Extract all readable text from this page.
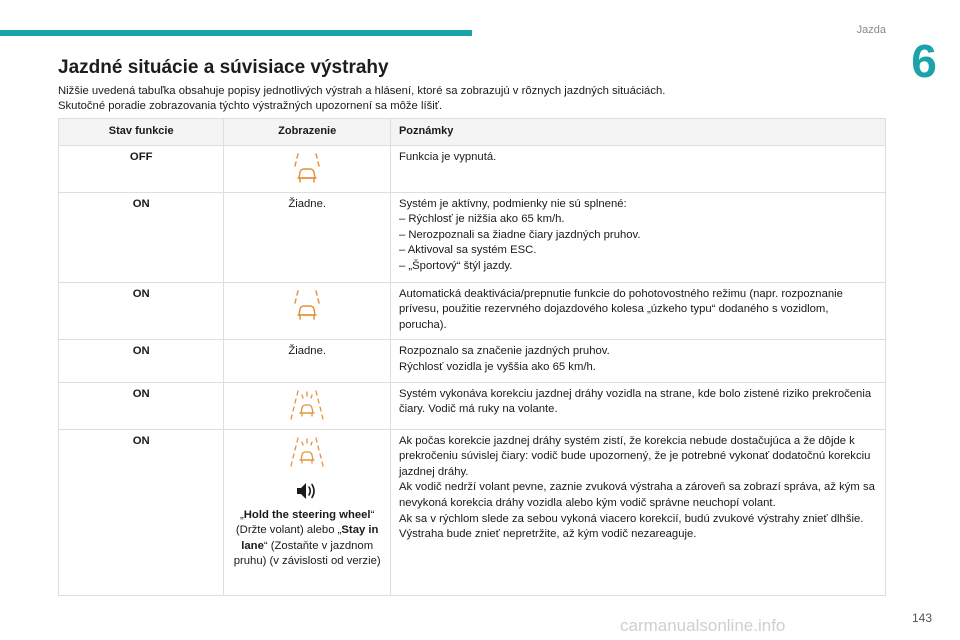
Jazda
6
Jazdné situácie a súvisiace výstrahy

Nižšie uvedená tabuľka obsahuje popisy jednotlivých výstrah a hlásení, ktoré sa zobrazujú v rôznych jazdných situáciách.

Skutočné poradie zobrazovania týchto výstražných upozornení sa môže líšiť.

Stav funkcie	Zobrazenie	Poznámky
OFF		Funkcia je vypnutá.

ON	Žiadne.	Systém je aktívny, podmienky nie sú splnené:
– Rýchlosť je nižšia ako 65 km/h.
– Nerozpoznali sa žiadne čiary jazdných pruhov.
– Aktivoval sa systém ESC.
– „Športový“ štýl jazdy.

ON		Automatická deaktivácia/prepnutie funkcie do pohotovostného režimu (napr. rozpoznanie prívesu, použitie rezervného dojazdového kolesa „úzkeho typu“ dodaného s vozidlom, porucha).

ON	Žiadne.	Rozpoznalo sa značenie jazdných pruhov.
Rýchlosť vozidla je vyššia ako 65 km/h.

ON		Systém vykonáva korekciu jazdnej dráhy vozidla na strane, kde bolo zistené riziko prekročenia čiary. Vodič má ruky na volante.

ON	„Hold the steering wheel“ (Držte volant) alebo „Stay in lane“ (Zostaňte v jazdnom pruhu) (v závislosti od verzie)	Ak počas korekcie jazdnej dráhy systém zistí, že korekcia nebude dostačujúca a že dôjde k prekročeniu súvislej čiary: vodič bude upozornený, že je potrebné vykonať dodatočnú korekciu jazdnej dráhy.
Ak vodič nedrží volant pevne, zaznie zvuková výstraha a zároveň sa zobrazí správa, až kým sa nevykoná korekcia dráhy vozidla alebo kým vodič správne neuchopí volant.
Ak sa v rýchlom slede za sebou vykoná viacero korekcií, budú zvukové výstrahy znieť dlhšie. Výstraha bude znieť nepretržite, až kým vodič nezareaguje.
carmanualsonline.info	143
